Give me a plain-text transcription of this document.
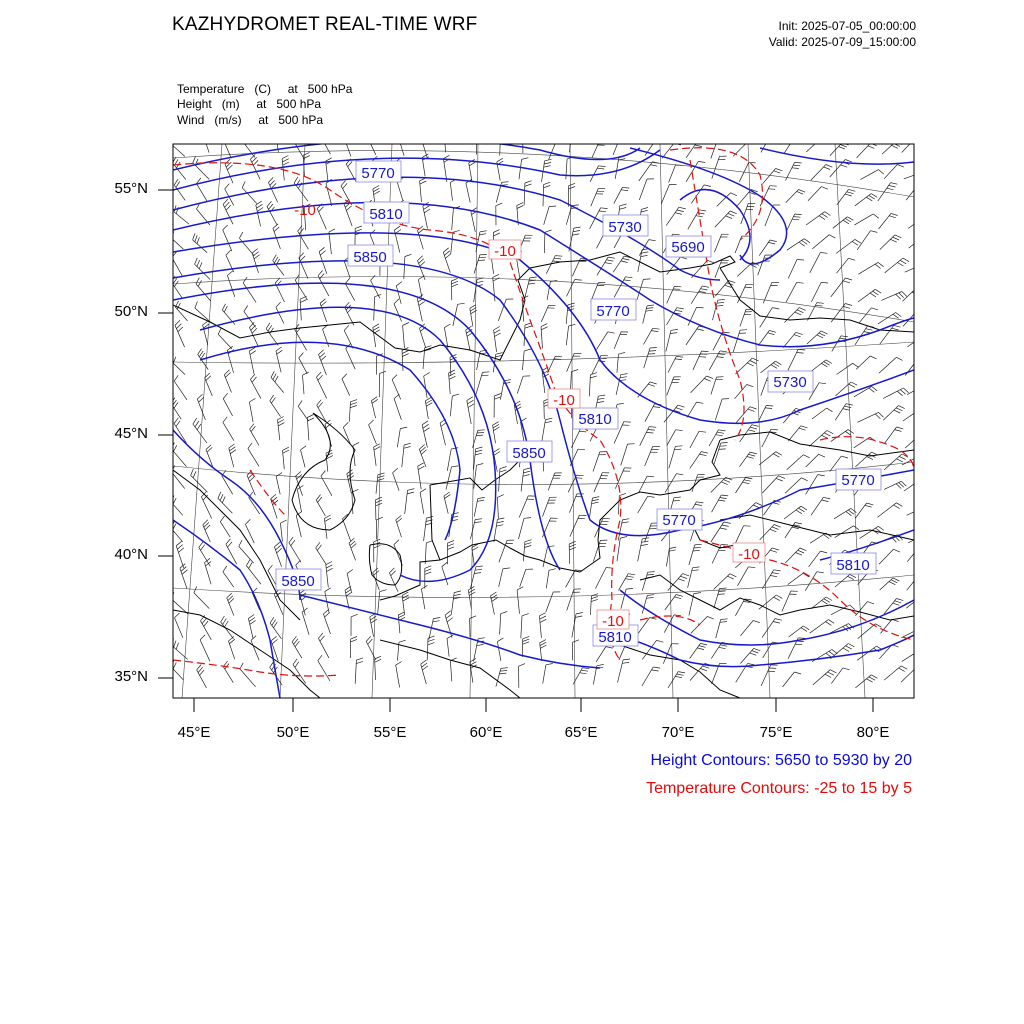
KAZHYDROMET REAL-TIME WRF	Init: 2025-07-05_00:00:00
Valid: 2025-07-09_15:00:00
Temperature   (C)     at   500 hPa
Height   (m)     at   500 hPa
Wind   (m/s)     at   500 hPa
5770
5810
5850
5730
5690
5770
5730
5810
5850
5770
5770
5810
5850
5810
-10
-10
-10
-10
-10
55°N
50°N
45°N
40°N
35°N
45°E	50°E	55°E	60°E	65°E	70°E	75°E	80°E
Height Contours: 5650 to 5930 by 20
Temperature Contours: -25 to 15 by 5
